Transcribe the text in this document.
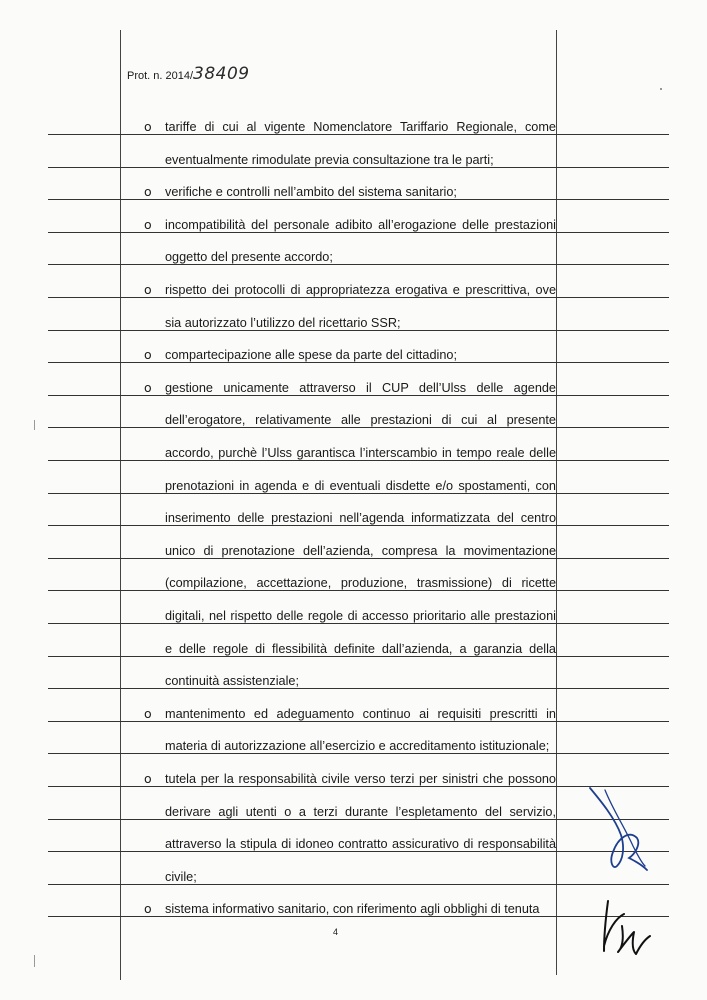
Prot. n. 2014/38409
o tariffe di cui al vigente Nomenclatore Tariffario Regionale, come
eventualmente rimodulate previa consultazione tra le parti;
o verifiche e controlli nell’ambito del sistema sanitario;
o incompatibilità del personale adibito all’erogazione delle prestazioni
oggetto del presente accordo;
o rispetto dei protocolli di appropriatezza erogativa e prescrittiva, ove
sia autorizzato l’utilizzo del ricettario SSR;
o compartecipazione alle spese da parte del cittadino;
o gestione unicamente attraverso il CUP dell’Ulss delle agende
dell’erogatore, relativamente alle prestazioni di cui al presente
accordo, purchè l’Ulss garantisca l’interscambio in tempo reale delle
prenotazioni in agenda e di eventuali disdette e/o spostamenti, con
inserimento delle prestazioni nell’agenda informatizzata del centro
unico di prenotazione dell’azienda, compresa la movimentazione
(compilazione, accettazione, produzione, trasmissione) di ricette
digitali, nel rispetto delle regole di accesso prioritario alle prestazioni
e delle regole di flessibilità definite dall’azienda, a garanzia della
continuità assistenziale;
o mantenimento ed adeguamento continuo ai requisiti prescritti in
materia di autorizzazione all’esercizio e accreditamento istituzionale;
o tutela per la responsabilità civile verso terzi per sinistri che possono
derivare agli utenti o a terzi durante l’espletamento del servizio,
attraverso la stipula di idoneo contratto assicurativo di responsabilità
civile;
o sistema informativo sanitario, con riferimento agli obblighi di tenuta
4
